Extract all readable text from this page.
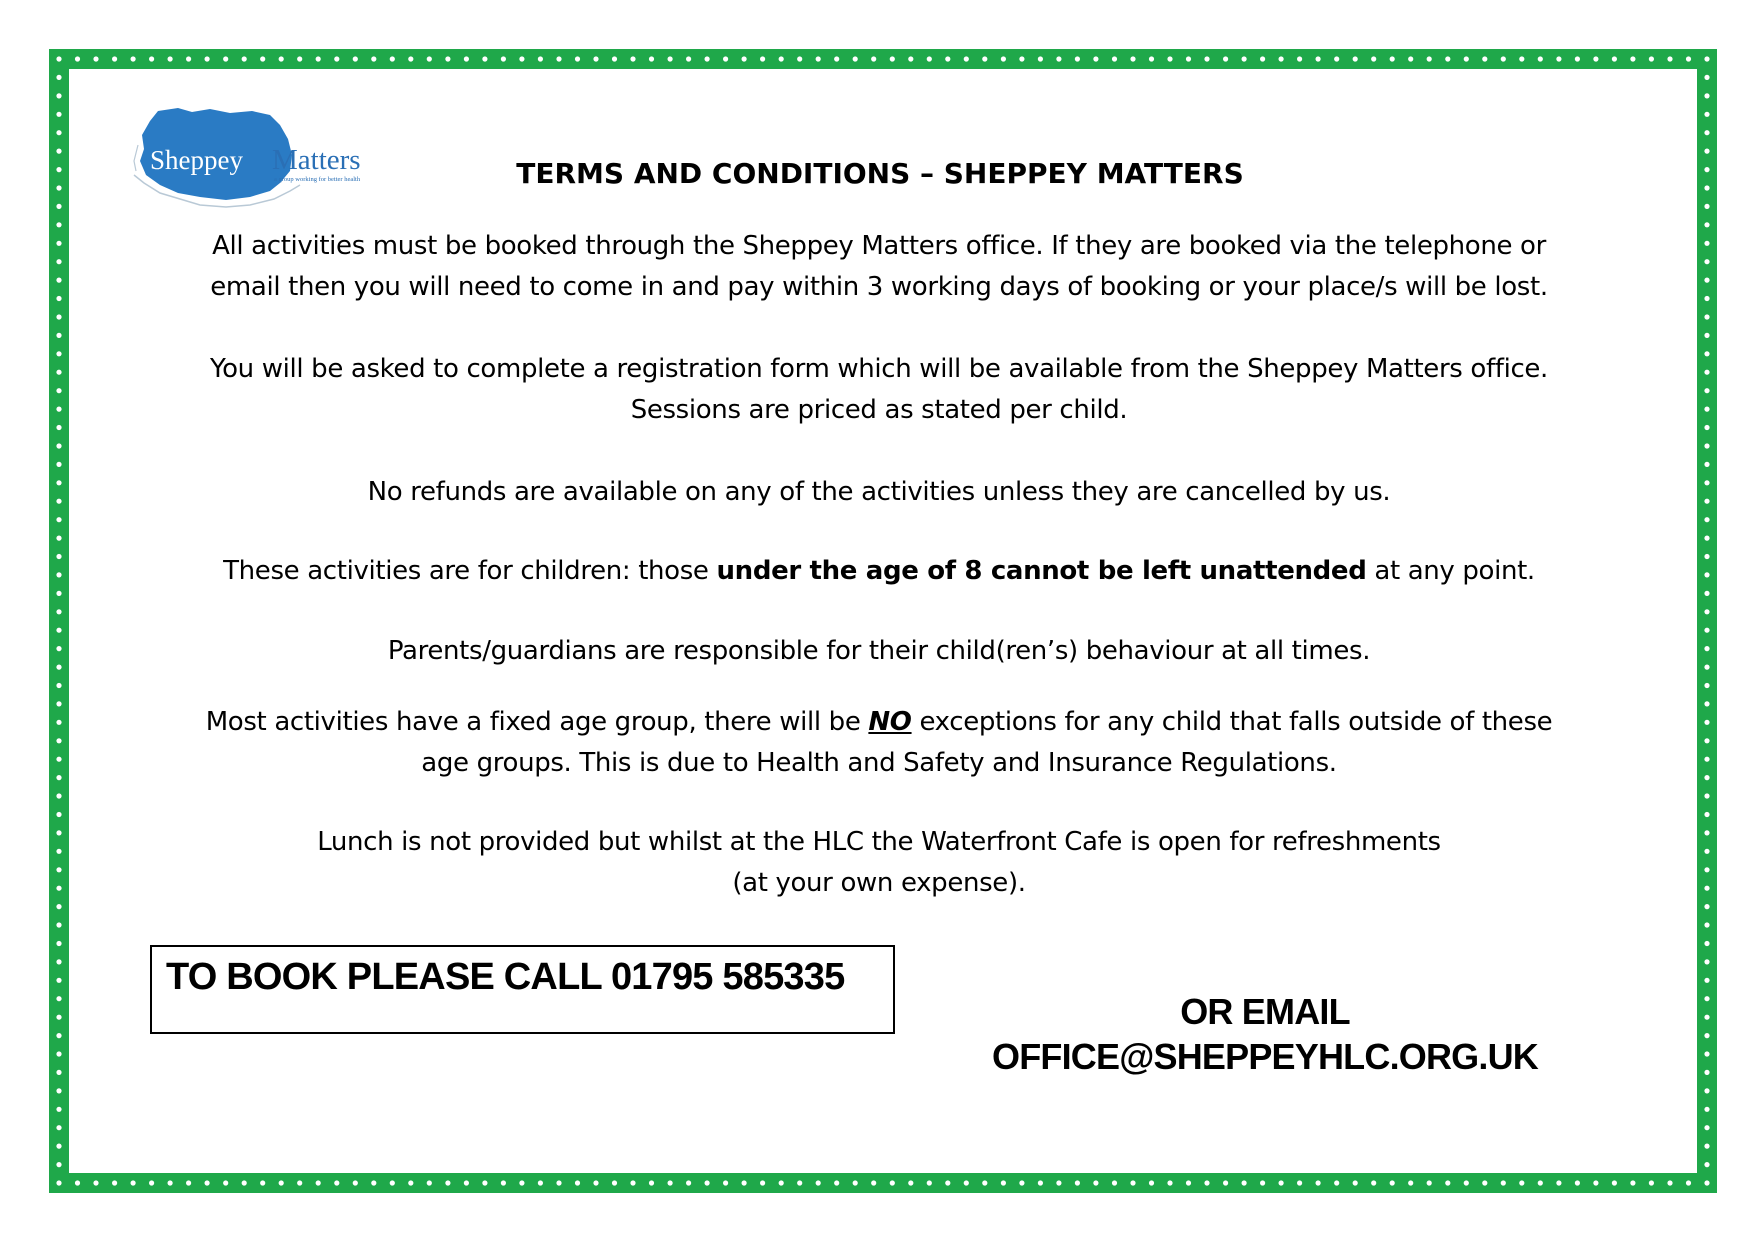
Sheppey Matters
a group working for better health	TERMS AND CONDITIONS – SHEPPEY MATTERS
All activities must be booked through the Sheppey Matters office. If they are booked via the telephone or
email then you will need to come in and pay within 3 working days of booking or your place/s will be lost.
You will be asked to complete a registration form which will be available from the Sheppey Matters office.
Sessions are priced as stated per child.
No refunds are available on any of the activities unless they are cancelled by us.
These activities are for children: those under the age of 8 cannot be left unattended at any point.
Parents/guardians are responsible for their child(ren’s) behaviour at all times.
Most activities have a fixed age group, there will be NO exceptions for any child that falls outside of these
age groups. This is due to Health and Safety and Insurance Regulations.
Lunch is not provided but whilst at the HLC the Waterfront Cafe is open for refreshments
(at your own expense).
TO BOOK PLEASE CALL 01795 585335
OR EMAIL
OFFICE@SHEPPEYHLC.ORG.UK
